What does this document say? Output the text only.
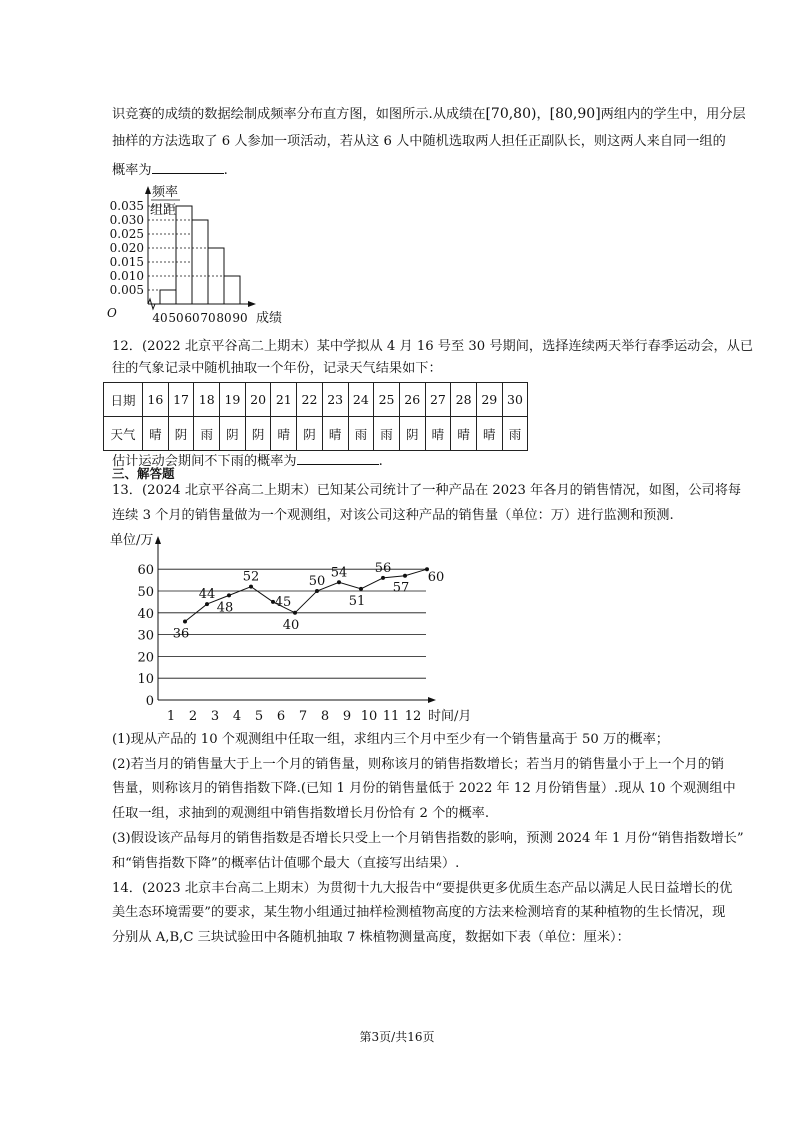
识竞赛的成绩的数据绘制成频率分布直方图，如图所示.从成绩在[70,80)，[80,90]两组内的学生中，用分层
抽样的方法选取了 6 人参加一项活动，若从这 6 人中随机选取两人担任正副队长，则这两人来自同一组的
概率为	.
0.035
0.030
0.025
0.020
0.015
0.010
0.005
40 50 60 70 80 90
频率
组距
O	成绩
12．(2022 北京平谷高二上期末）某中学拟从 4 月 16 号至 30 号期间，选择连续两天举行春季运动会，从已
往的气象记录中随机抽取一个年份，记录天气结果如下：
日期	16	17	18	19	20	21	22	23	24	25	26	27	28	29	30
天气	晴	阴	雨	阴	阴	晴	阴	晴	雨	雨	阴	晴	晴	晴	雨
估计运动会期间不下雨的概率为	.
三、解答题
13．(2024 北京平谷高二上期末）已知某公司统计了一种产品在 2023 年各月的销售情况，如图，公司将每
连续 3 个月的销售量做为一个观测组，对该公司这种产品的销售量（单位：万）进行监测和预测.
0
10
20
30
40
50
60
1 2 3 4 5 6 7 8 9 10 11 12
36
44
48
52
45
40
50
54
51
56
57
60
单位/万
时间/月
(1)现从产品的 10 个观测组中任取一组，求组内三个月中至少有一个销售量高于 50 万的概率；
(2)若当月的销售量大于上一个月的销售量，则称该月的销售指数增长；若当月的销售量小于上一个月的销
售量，则称该月的销售指数下降.(已知 1 月份的销售量低于 2022 年 12 月份销售量）.现从 10 个观测组中
任取一组，求抽到的观测组中销售指数增长月份恰有 2 个的概率.
(3)假设该产品每月的销售指数是否增长只受上一个月销售指数的影响，预测 2024 年 1 月份“销售指数增长”
和“销售指数下降”的概率估计值哪个最大（直接写出结果）.
14．(2023 北京丰台高二上期末）为贯彻十九大报告中“要提供更多优质生态产品以满足人民日益增长的优
美生态环境需要”的要求，某生物小组通过抽样检测植物高度的方法来检测培育的某种植物的生长情况，现
分别从 A,B,C 三块试验田中各随机抽取 7 株植物测量高度，数据如下表（单位：厘米）：
第3页/共16页
